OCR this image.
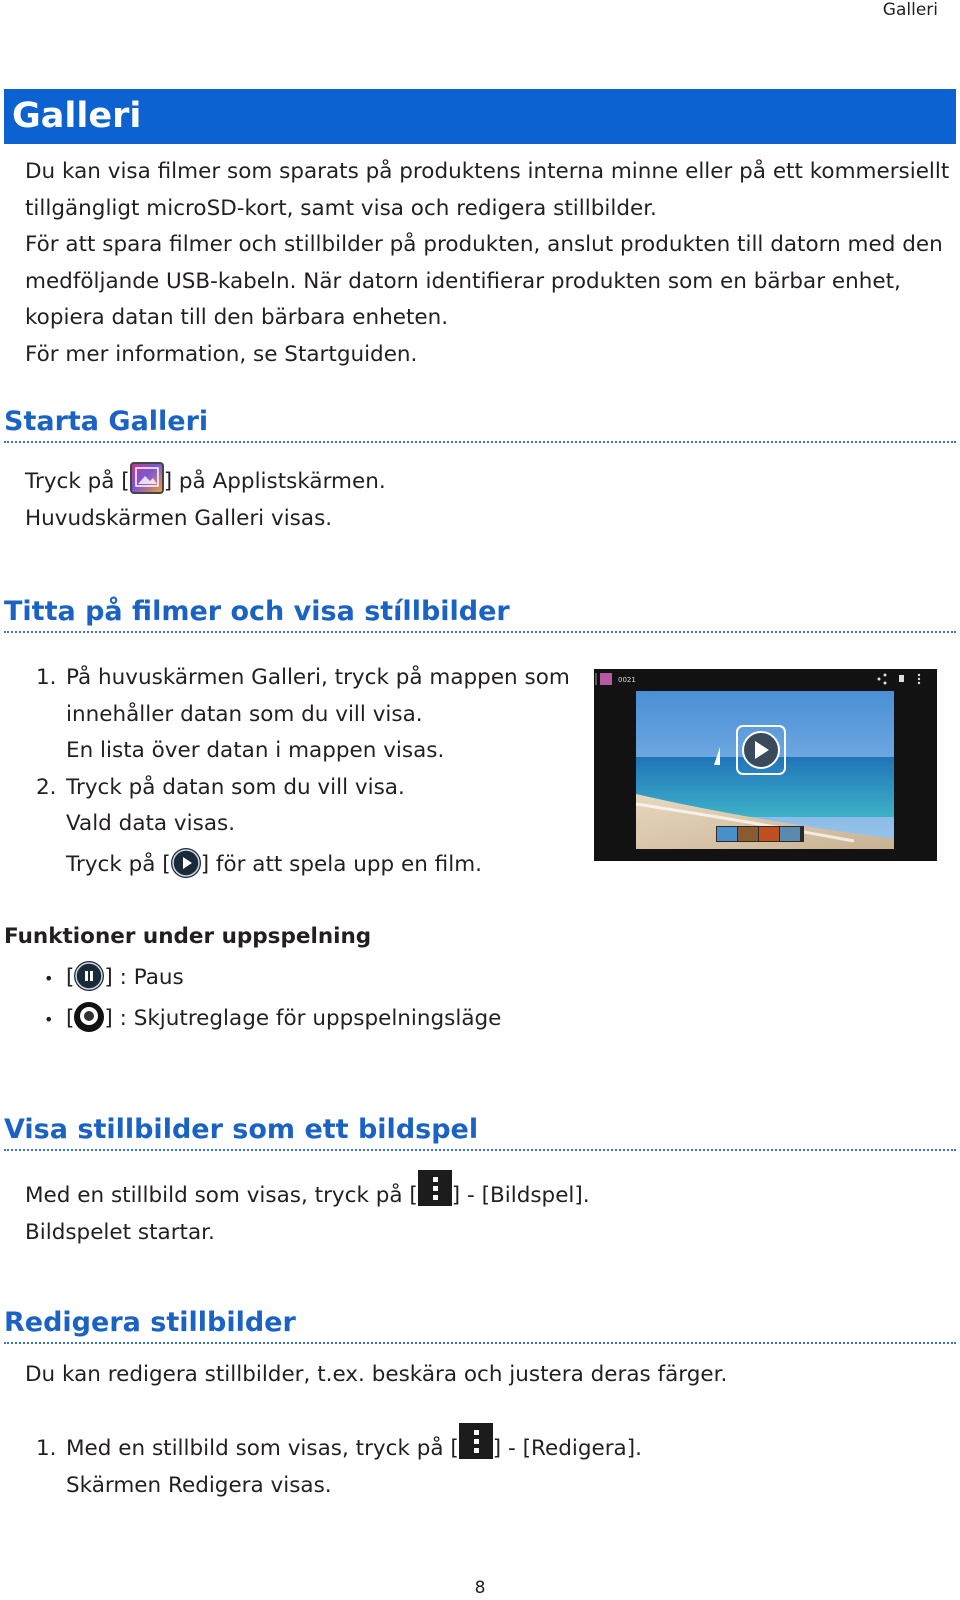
Galleri
Galleri
Du kan visa filmer som sparats på produktens interna minne eller på ett kommersiellt
tillgängligt microSD-kort, samt visa och redigera stillbilder.
För att spara filmer och stillbilder på produkten, anslut produkten till datorn med den
medföljande USB-kabeln. När datorn identifierar produkten som en bärbar enhet,
kopiera datan till den bärbara enheten.
För mer information, se Startguiden.
Starta Galleri
Tryck på [ ] på Applistskärmen.
Huvudskärmen Galleri visas.
Titta på filmer och visa stíllbilder
1. På huvuskärmen Galleri, tryck på mappen som
innehåller datan som du vill visa.
En lista över datan i mappen visas.
2. Tryck på datan som du vill visa.
Vald data visas.
Tryck på [ ] för att spela upp en film.
0021
Funktioner under uppspelning
• [ ] : Paus
• [ ] : Skjutreglage för uppspelningsläge
Visa stillbilder som ett bildspel
Med en stillbild som visas, tryck på [ ] - [Bildspel].
Bildspelet startar.
Redigera stillbilder
Du kan redigera stillbilder, t.ex. beskära och justera deras färger.
1. Med en stillbild som visas, tryck på [ ] - [Redigera].
Skärmen Redigera visas.
8
